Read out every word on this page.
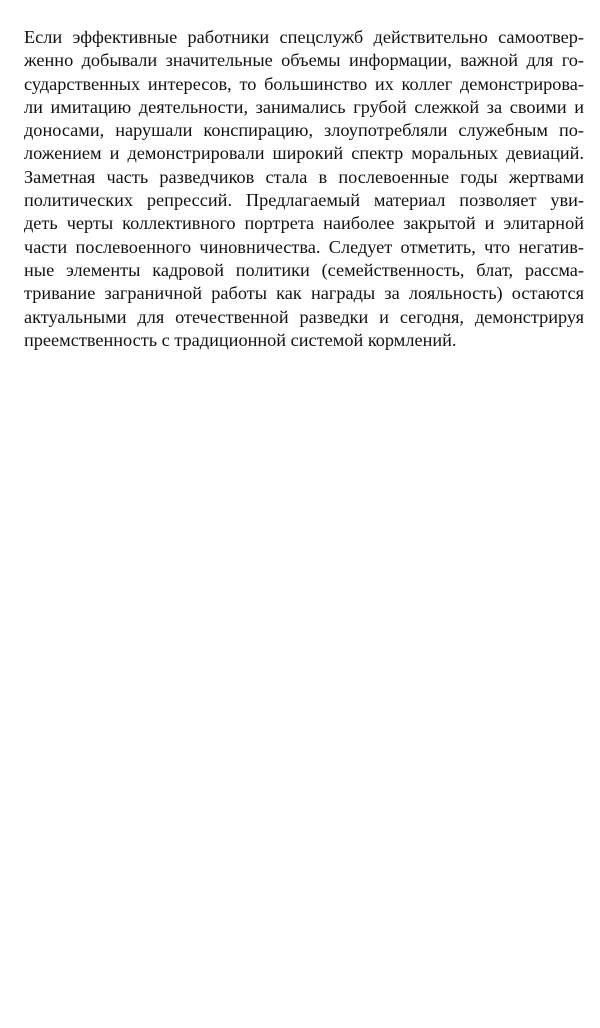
Если эффективные работники спецслужб действительно самоотвер-
женно добывали значительные объемы информации, важной для го-
сударственных интересов, то большинство их коллег демонстрирова-
ли имитацию деятельности, занимались грубой слежкой за своими и
доносами, нарушали конспирацию, злоупотребляли служебным по-
ложением и демонстрировали широкий спектр моральных девиаций.
Заметная часть разведчиков стала в послевоенные годы жертвами
политических репрессий. Предлагаемый материал позволяет уви-
деть черты коллективного портрета наиболее закрытой и элитарной
части послевоенного чиновничества. Следует отметить, что негатив-
ные элементы кадровой политики (семейственность, блат, рассма-
тривание заграничной работы как награды за лояльность) остаются
актуальными для отечественной разведки и сегодня, демонстрируя
преемственность с традиционной системой кормлений.
